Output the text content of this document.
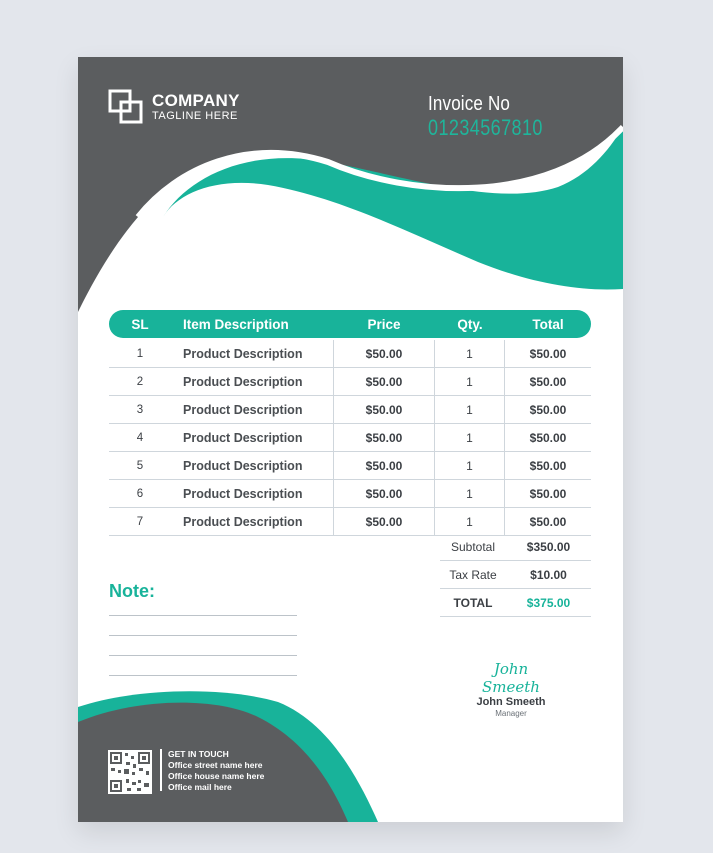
COMPANY
TAGLINE HERE
Invoice No
01234567810
SL	Item Description	Price	Qty.	Total
1	Product Description	$50.00	1	$50.00
2	Product Description	$50.00	1	$50.00
3	Product Description	$50.00	1	$50.00
4	Product Description	$50.00	1	$50.00
5	Product Description	$50.00	1	$50.00
6	Product Description	$50.00	1	$50.00
7	Product Description	$50.00	1	$50.00
Subtotal	$350.00
Tax Rate	$10.00
TOTAL	$375.00
Note:
John Smeeth
John Smeeth
Manager
GET IN TOUCH
Office street name here
Office house name here
Office mail here
